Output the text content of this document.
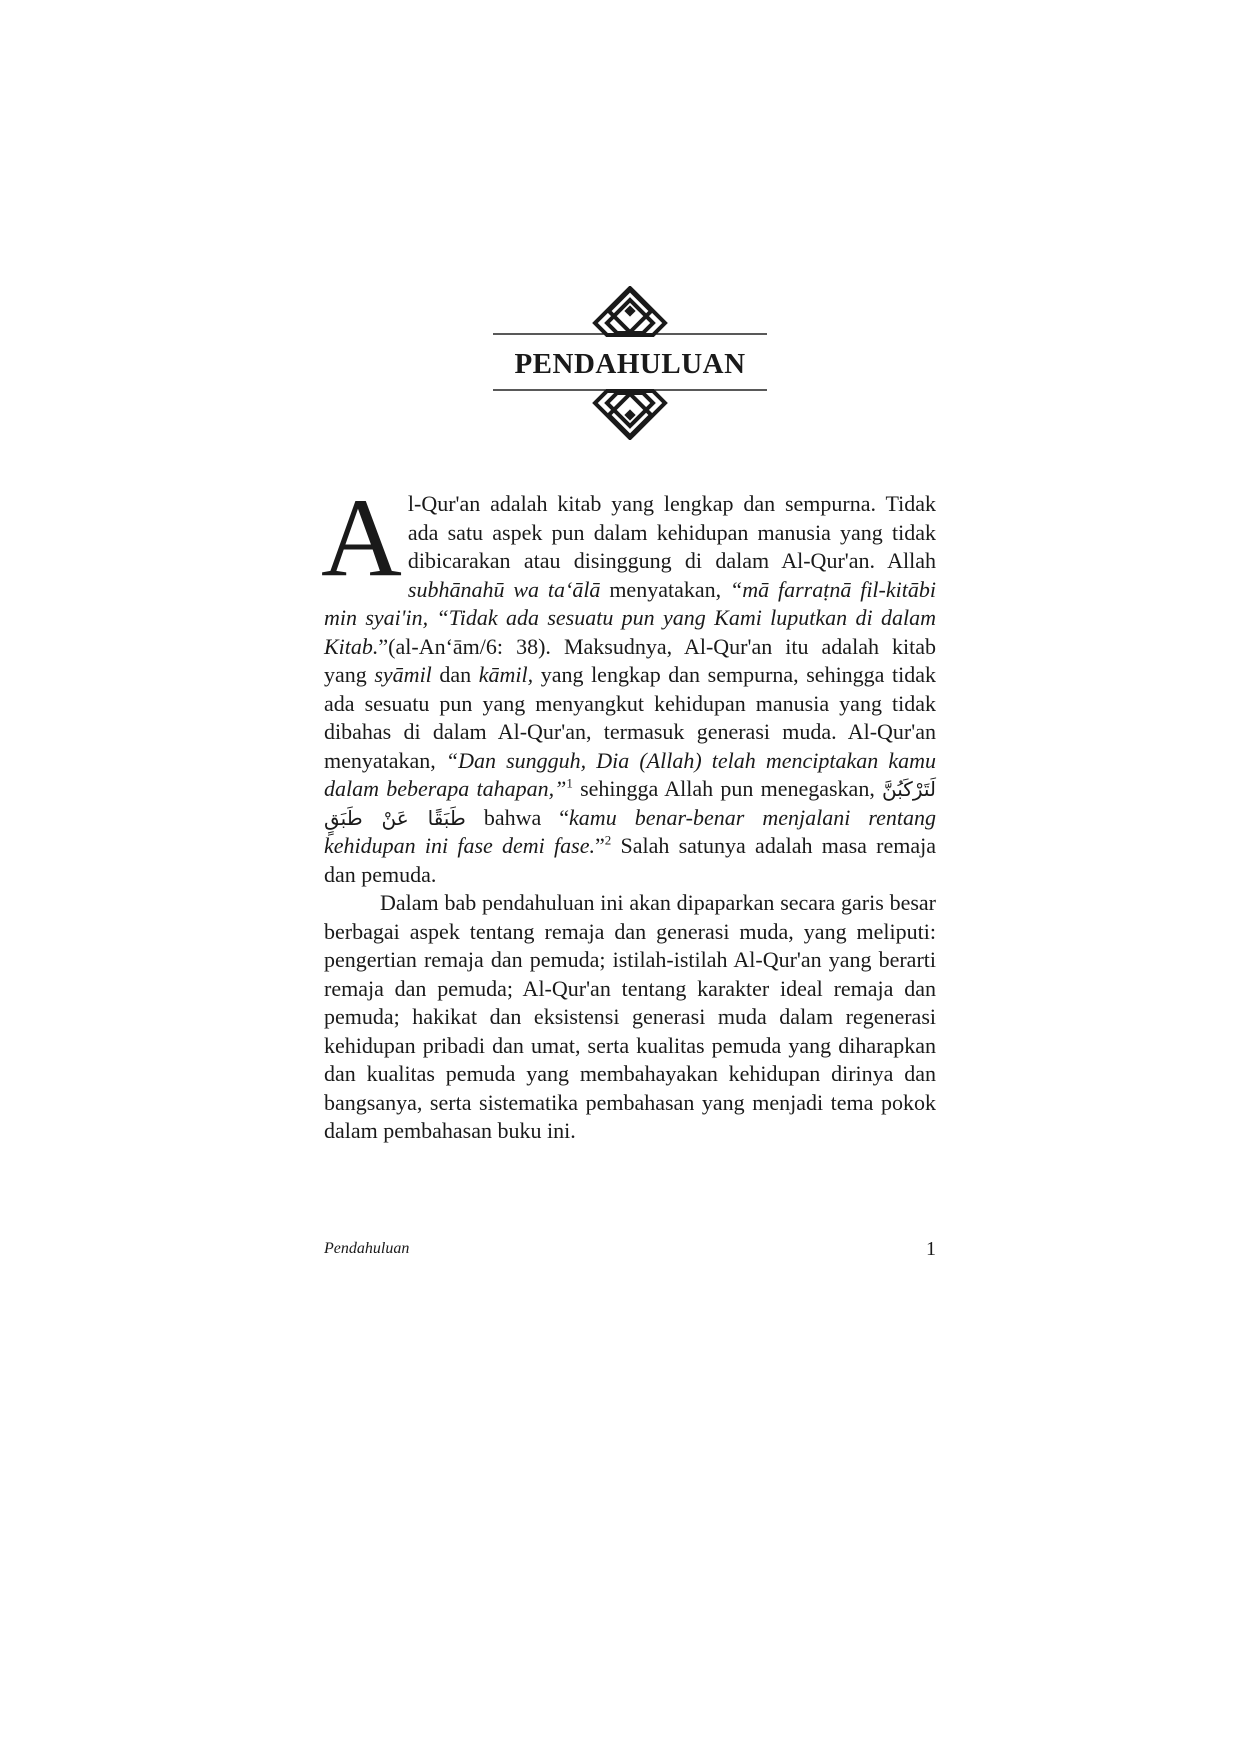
PENDAHULUAN

Al-Qur'an adalah kitab yang lengkap dan sempurna. Tidak ada satu aspek pun dalam kehidupan manusia yang tidak dibicarakan atau disinggung di dalam Al-Qur'an. Allah subhānahū wa taʻālā menyatakan, “mā farraṭnā fil-kitābi min syai'in, “Tidak ada sesuatu pun yang Kami luputkan di dalam Kitab.”(al-Anʻām/6: 38). Maksudnya, Al-Qur'an itu adalah kitab yang syāmil dan kāmil, yang lengkap dan sempurna, sehingga tidak ada sesuatu pun yang menyangkut kehidupan manusia yang tidak dibahas di dalam Al-Qur'an, termasuk generasi muda. Al-Qur'an menyatakan, “Dan sungguh, Dia (Allah) telah menciptakan kamu dalam beberapa tahapan,”$^1$ sehingga Allah pun menegaskan, لَتَرْكَبُنَّ طَبَقًا عَنْ طَبَقٍ bahwa “kamu benar-benar menjalani rentang kehidupan ini fase demi fase.”$^2$ Salah satunya adalah masa remaja dan pemuda.

Dalam bab pendahuluan ini akan dipaparkan secara garis besar berbagai aspek tentang remaja dan generasi muda, yang meliputi: pengertian remaja dan pemuda; istilah-istilah Al-Qur'an yang berarti remaja dan pemuda; Al-Qur'an tentang karakter ideal remaja dan pemuda; hakikat dan eksistensi generasi muda dalam regenerasi kehidupan pribadi dan umat, serta kualitas pemuda yang diharapkan dan kualitas pemuda yang membahayakan kehidupan dirinya dan bangsanya, serta sistematika pembahasan yang menjadi tema pokok dalam pembahasan buku ini.

Pendahuluan	1
